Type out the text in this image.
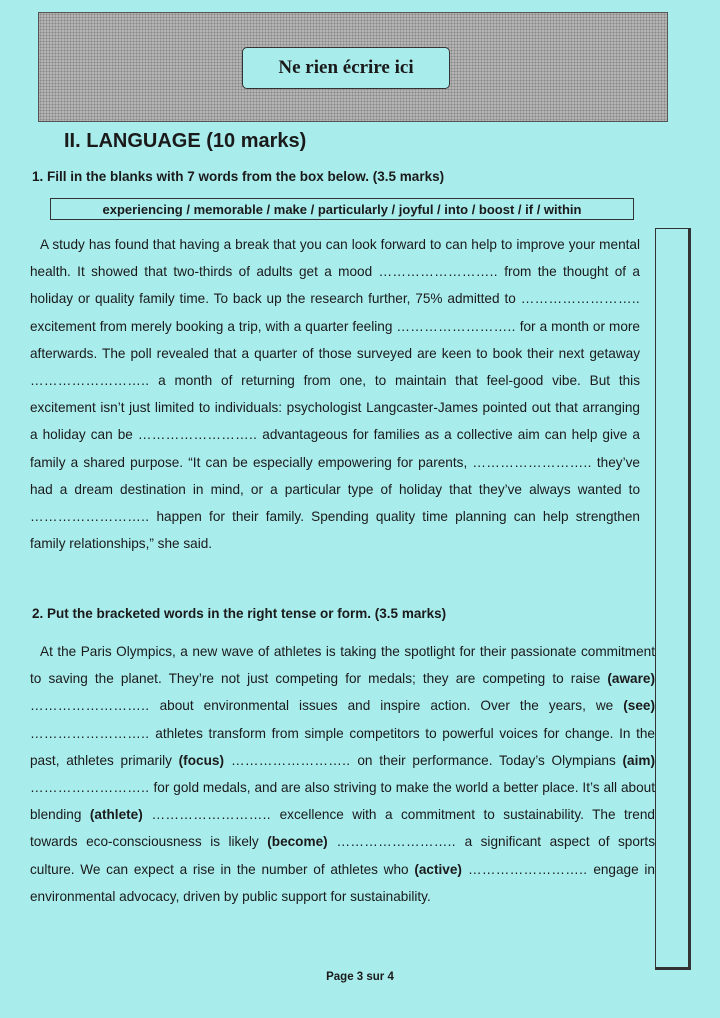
Ne rien écrire ici
II. LANGUAGE (10 marks)
1. Fill in the blanks with 7 words from the box below. (3.5 marks)
experiencing / memorable / make / particularly / joyful / into / boost / if / within
A study has found that having a break that you can look forward to can help to improve your mental health. It showed that two-thirds of adults get a mood …………………….. from the thought of a holiday or quality family time. To back up the research further, 75% admitted to …………………….. excitement from merely booking a trip, with a quarter feeling …………………….. for a month or more afterwards. The poll revealed that a quarter of those surveyed are keen to book their next getaway …………………….. a month of returning from one, to maintain that feel-good vibe. But this excitement isn’t just limited to individuals: psychologist Langcaster-James pointed out that arranging a holiday can be …………………….. advantageous for families as a collective aim can help give a family a shared purpose. “It can be especially empowering for parents, …………………….. they’ve had a dream destination in mind, or a particular type of holiday that they’ve always wanted to …………………….. happen for their family. Spending quality time planning can help strengthen family relationships,” she said.
2. Put the bracketed words in the right tense or form. (3.5 marks)
At the Paris Olympics, a new wave of athletes is taking the spotlight for their passionate commitment to saving the planet. They’re not just competing for medals; they are competing to raise (aware) …………………….. about environmental issues and inspire action. Over the years, we (see) …………………….. athletes transform from simple competitors to powerful voices for change. In the past, athletes primarily (focus) …………………….. on their performance. Today’s Olympians (aim) …………………….. for gold medals, and are also striving to make the world a better place. It’s all about blending (athlete) …………………….. excellence with a commitment to sustainability. The trend towards eco-consciousness is likely (become) …………………….. a significant aspect of sports culture. We can expect a rise in the number of athletes who (active) …………………….. engage in environmental advocacy, driven by public support for sustainability.
Page 3 sur 4
